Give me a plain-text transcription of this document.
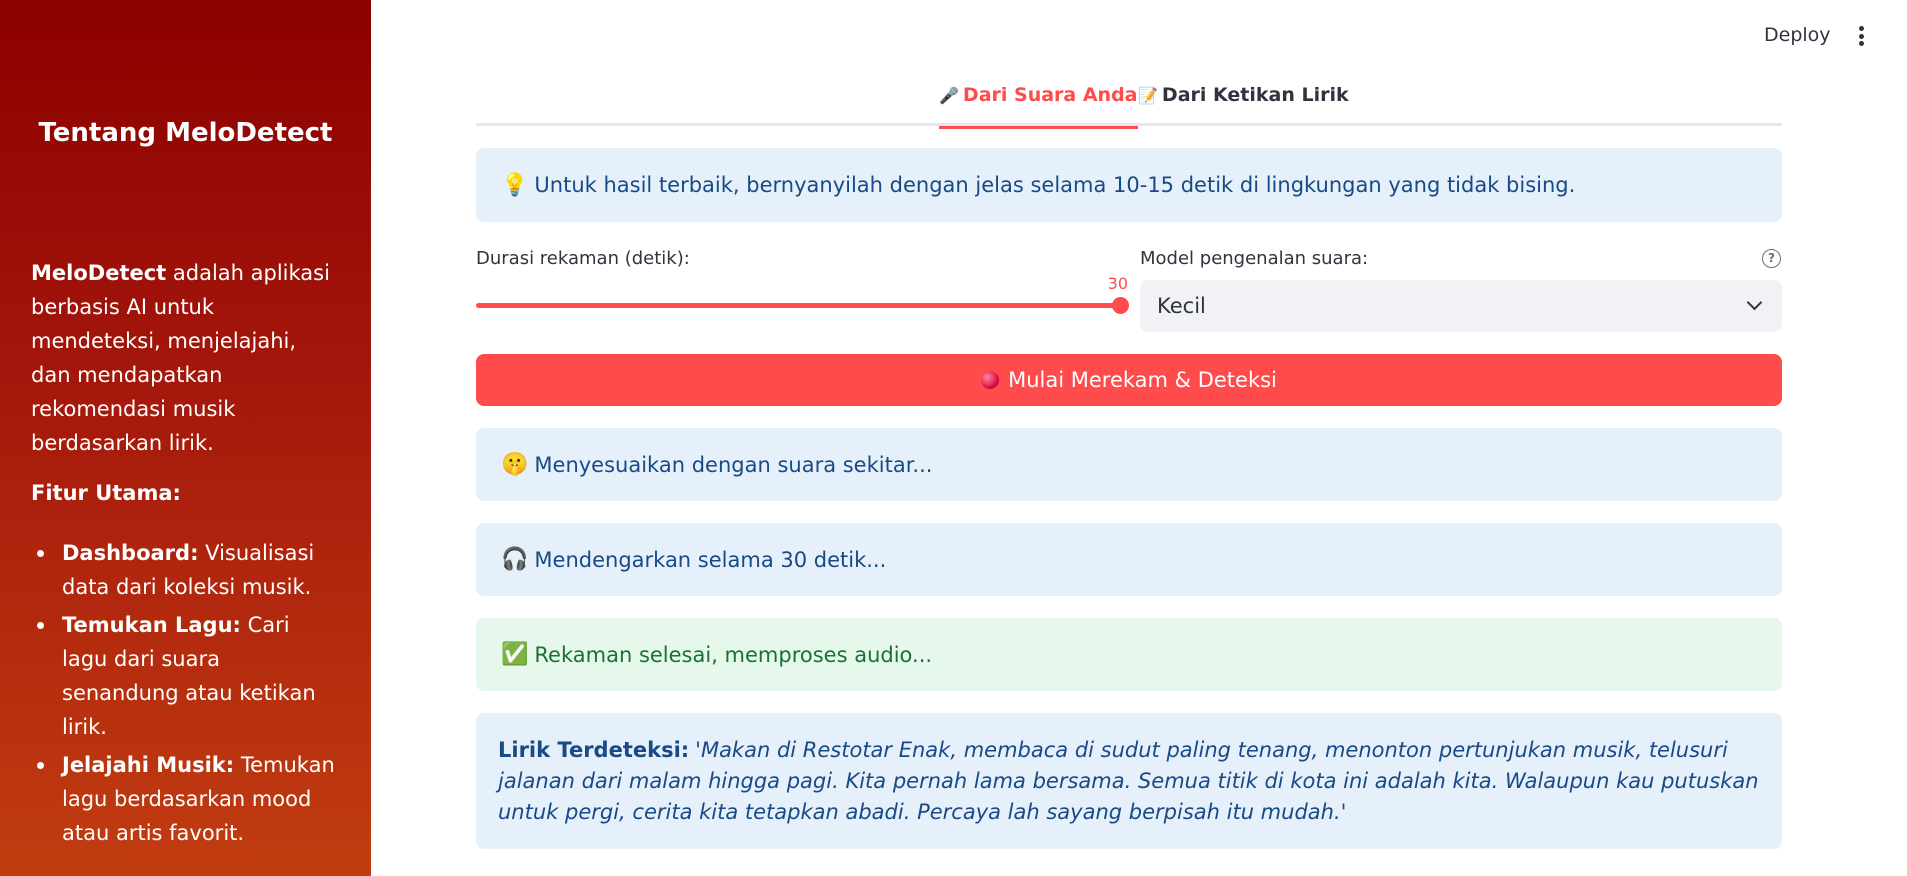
Tentang MeloDetect

MeloDetect adalah aplikasi berbasis AI untuk mendeteksi, menjelajahi, dan mendapatkan rekomendasi musik berdasarkan lirik.

Fitur Utama:

Dashboard: Visualisasi data dari koleksi musik.
Temukan Lagu: Cari lagu dari suara senandung atau ketikan lirik.
Jelajahi Musik: Temukan lagu berdasarkan mood atau artis favorit.
Deploy
🎤 Dari Suara Anda 📝 Dari Ketikan Lirik
💡 Untuk hasil terbaik, bernyanyilah dengan jelas selama 10-15 detik di lingkungan yang tidak bising.
Durasi rekaman (detik):
30
Model pengenalan suara:	?
Kecil
Mulai Merekam & Deteksi
🤫 Menyesuaikan dengan suara sekitar...
🎧 Mendengarkan selama 30 detik...
✅ Rekaman selesai, memproses audio...
Lirik Terdeteksi: 'Makan di Restotar Enak, membaca di sudut paling tenang, menonton pertunjukan musik, telusuri jalanan dari malam hingga pagi. Kita pernah lama bersama. Semua titik di kota ini adalah kita. Walaupun kau putuskan untuk pergi, cerita kita tetapkan abadi. Percaya lah sayang berpisah itu mudah.'
